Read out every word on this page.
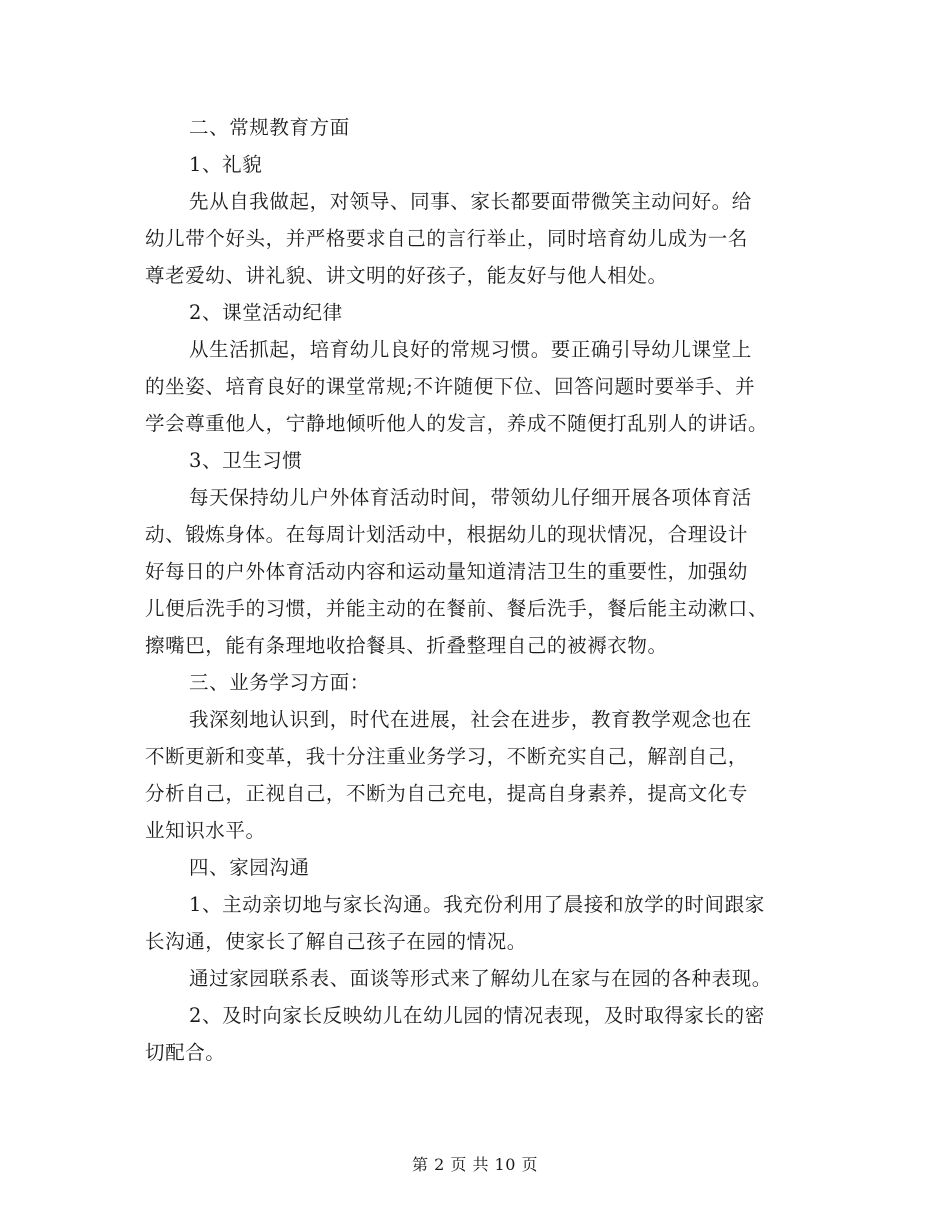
二、常规教育方面
1、礼貌
先从自我做起，对领导、同事、家长都要面带微笑主动问好。给
幼儿带个好头，并严格要求自己的言行举止，同时培育幼儿成为一名
尊老爱幼、讲礼貌、讲文明的好孩子，能友好与他人相处。
2、课堂活动纪律
从生活抓起，培育幼儿良好的常规习惯。要正确引导幼儿课堂上
的坐姿、培育良好的课堂常规;不许随便下位、回答问题时要举手、并
学会尊重他人，宁静地倾听他人的发言，养成不随便打乱别人的讲话。
3、卫生习惯
每天保持幼儿户外体育活动时间，带领幼儿仔细开展各项体育活
动、锻炼身体。在每周计划活动中，根据幼儿的现状情况，合理设计
好每日的户外体育活动内容和运动量知道清洁卫生的重要性，加强幼
儿便后洗手的习惯，并能主动的在餐前、餐后洗手，餐后能主动漱口、
擦嘴巴，能有条理地收拾餐具、折叠整理自己的被褥衣物。
三、业务学习方面：
我深刻地认识到，时代在进展，社会在进步，教育教学观念也在
不断更新和变革，我十分注重业务学习，不断充实自己，解剖自己，
分析自己，正视自己，不断为自己充电，提高自身素养，提高文化专
业知识水平。
四、家园沟通
1、主动亲切地与家长沟通。我充份利用了晨接和放学的时间跟家
长沟通，使家长了解自己孩子在园的情况。
通过家园联系表、面谈等形式来了解幼儿在家与在园的各种表现。
2、及时向家长反映幼儿在幼儿园的情况表现，及时取得家长的密
切配合。
第 2 页 共 10 页
